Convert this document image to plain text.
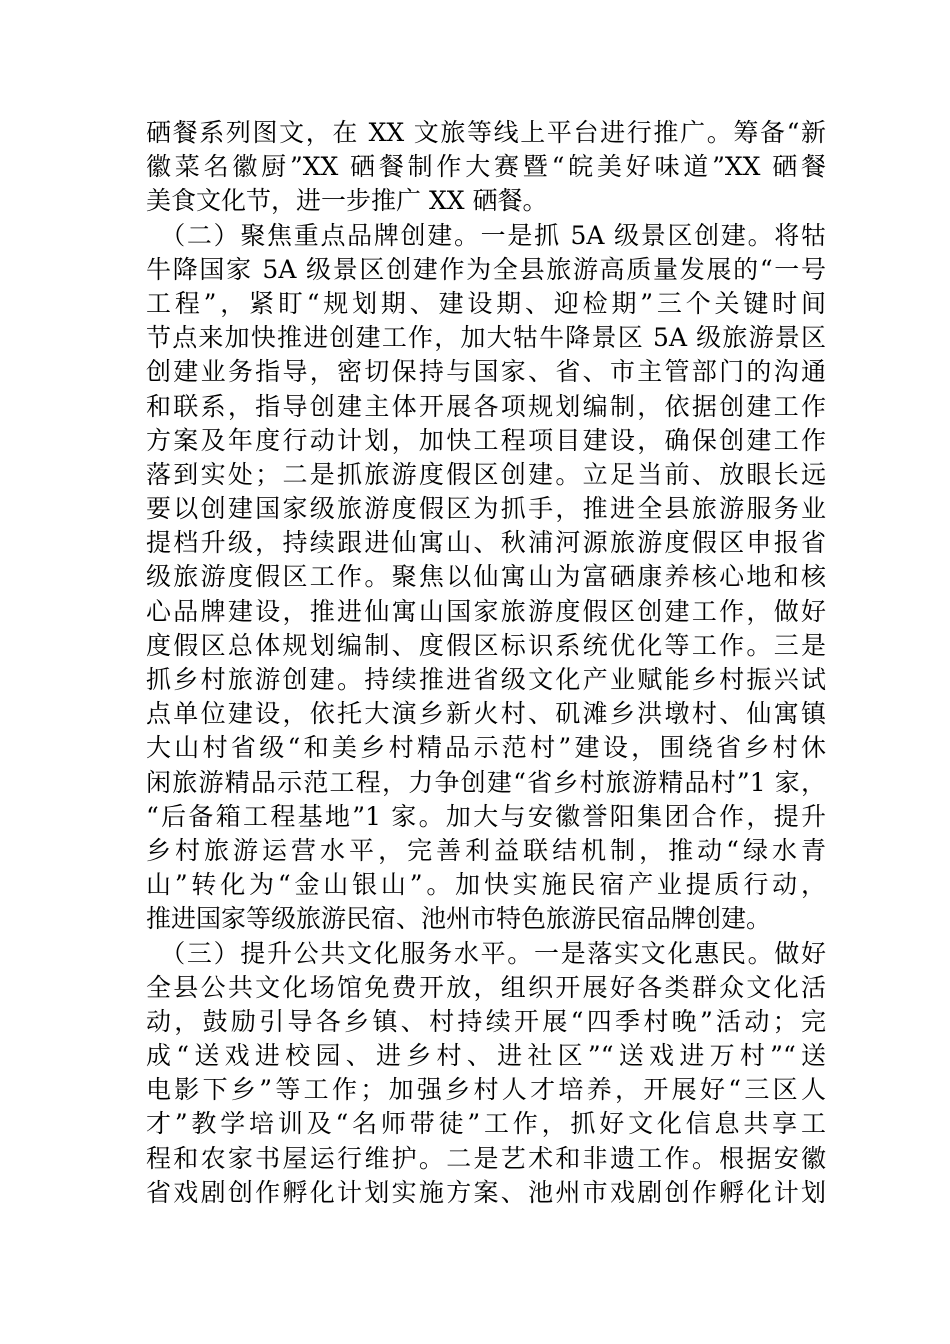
硒餐系列图文，在 XX 文旅等线上平台进行推广。筹备“新
徽菜名徽厨”XX 硒餐制作大赛暨“皖美好味道”XX 硒餐
美食文化节，进一步推广 XX 硒餐。
　（二）聚焦重点品牌创建。一是抓 5A 级景区创建。将牯
牛降国家 5A 级景区创建作为全县旅游高质量发展的“一号
工程”，紧盯“规划期、建设期、迎检期”三个关键时间
节点来加快推进创建工作，加大牯牛降景区 5A 级旅游景区
创建业务指导，密切保持与国家、省、市主管部门的沟通
和联系，指导创建主体开展各项规划编制，依据创建工作
方案及年度行动计划，加快工程项目建设，确保创建工作
落到实处；二是抓旅游度假区创建。立足当前、放眼长远
要以创建国家级旅游度假区为抓手，推进全县旅游服务业
提档升级，持续跟进仙寓山、秋浦河源旅游度假区申报省
级旅游度假区工作。聚焦以仙寓山为富硒康养核心地和核
心品牌建设，推进仙寓山国家旅游度假区创建工作，做好
度假区总体规划编制、度假区标识系统优化等工作。三是
抓乡村旅游创建。持续推进省级文化产业赋能乡村振兴试
点单位建设，依托大演乡新火村、矶滩乡洪墩村、仙寓镇
大山村省级“和美乡村精品示范村”建设，围绕省乡村休
闲旅游精品示范工程，力争创建“省乡村旅游精品村”1 家，
“后备箱工程基地”1 家。加大与安徽誉阳集团合作，提升
乡村旅游运营水平，完善利益联结机制，推动“绿水青
山”转化为“金山银山”。加快实施民宿产业提质行动，
推进国家等级旅游民宿、池州市特色旅游民宿品牌创建。
　（三）提升公共文化服务水平。一是落实文化惠民。做好
全县公共文化场馆免费开放，组织开展好各类群众文化活
动，鼓励引导各乡镇、村持续开展“四季村晚”活动；完
成“送戏进校园、进乡村、进社区”“送戏进万村”“送
电影下乡”等工作；加强乡村人才培养，开展好“三区人
才”教学培训及“名师带徒”工作，抓好文化信息共享工
程和农家书屋运行维护。二是艺术和非遗工作。根据安徽
省戏剧创作孵化计划实施方案、池州市戏剧创作孵化计划
